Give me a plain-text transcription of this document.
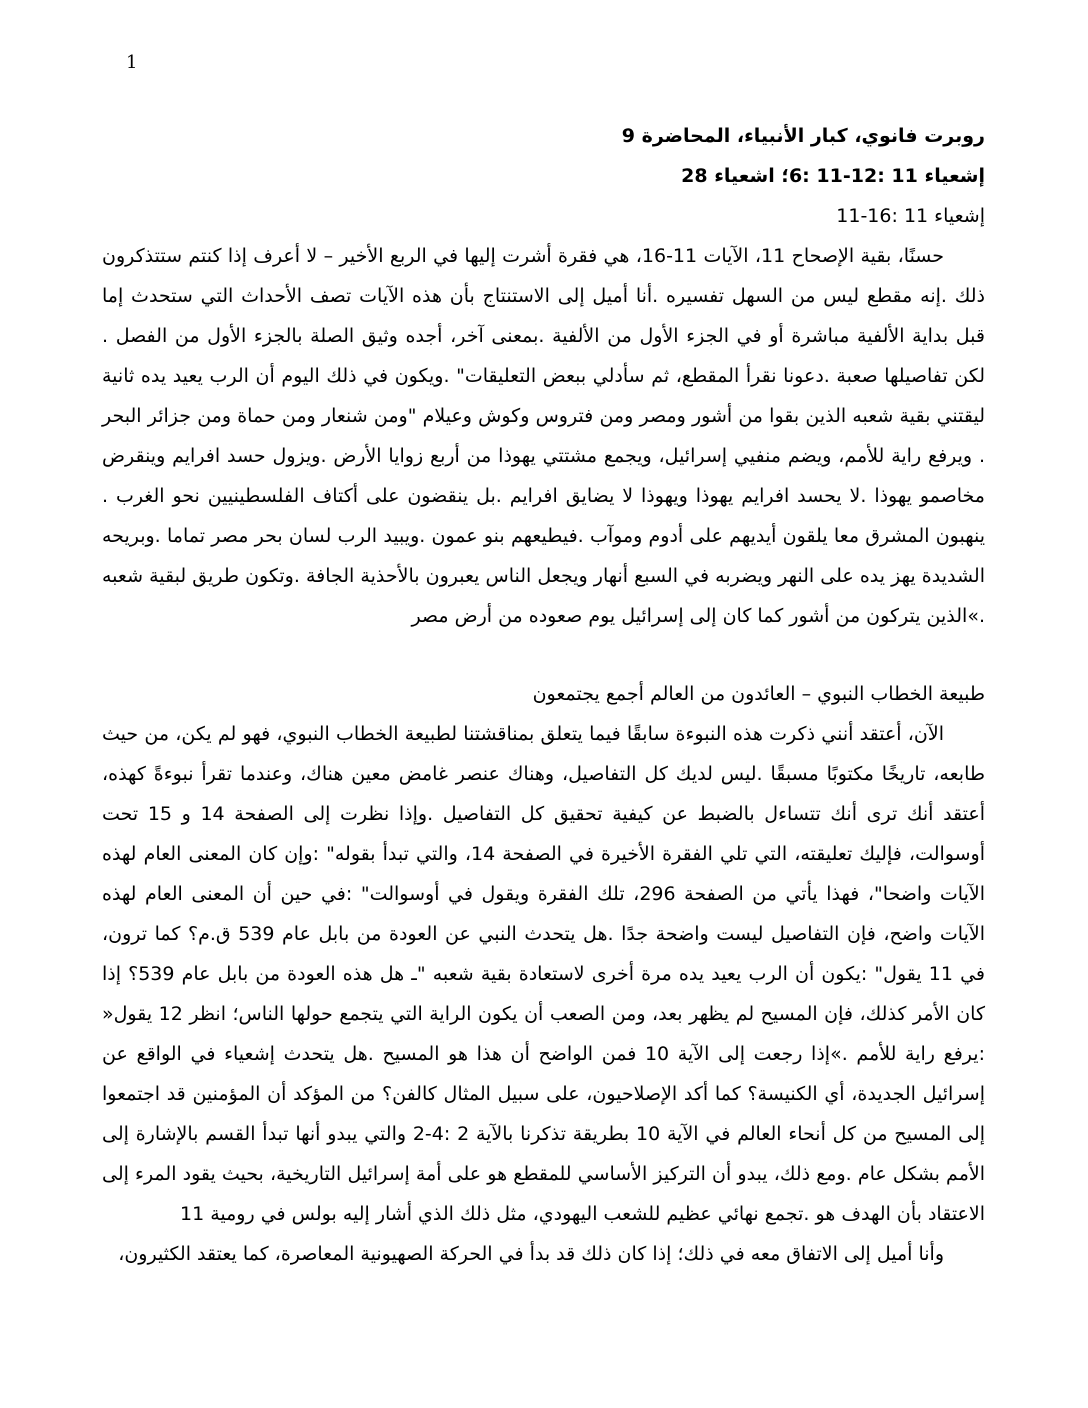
1
روبرت فانوي، كبار الأنبياء، المحاضرة 9
إشعياء 11 :12-11 :6؛ اشعياء 28
إشعياء 11 :16-11

حسنًا، بقية الإصحاح 11، الآيات 11-16، هي فقرة أشرت إليها في الربع الأخير – لا أعرف إذا كنتم ستتذكرون ذلك .إنه مقطع ليس من السهل تفسيره .أنا أميل إلى الاستنتاج بأن هذه الآيات تصف الأحداث التي ستحدث إما قبل بداية الألفية مباشرة أو في الجزء الأول من الألفية .بمعنى آخر، أجده وثيق الصلة بالجزء الأول من الفصل . لكن تفاصيلها صعبة .دعونا نقرأ المقطع، ثم سأدلي ببعض التعليقات" .ويكون في ذلك اليوم أن الرب يعيد يده ثانية ليقتني بقية شعبه الذين بقوا من أشور ومصر ومن فتروس وكوش وعيلام "ومن شنعار ومن حماة ومن جزائر البحر . ويرفع راية للأمم، ويضم منفيي إسرائيل، ويجمع مشتتي يهوذا من أربع زوايا الأرض .ويزول حسد افرايم وينقرض مخاصمو يهوذا .لا يحسد افرايم يهوذا ويهوذا لا يضايق افرايم .بل ينقضون على أكتاف الفلسطينيين نحو الغرب . ينهبون المشرق معا يلقون أيديهم على أدوم وموآب .فيطيعهم بنو عمون .ويبيد الرب لسان بحر مصر تماما .وبريحه الشديدة يهز يده على النهر ويضربه في السبع أنهار ويجعل الناس يعبرون بالأحذية الجافة .وتكون طريق لبقية شعبه .»الذين يتركون من أشور كما كان إلى إسرائيل يوم صعوده من أرض مصر

طبيعة الخطاب النبوي – العائدون من العالم أجمع يجتمعون

الآن، أعتقد أنني ذكرت هذه النبوءة سابقًا فيما يتعلق بمناقشتنا لطبيعة الخطاب النبوي، فهو لم يكن، من حيث طابعه، تاريخًا مكتوبًا مسبقًا .ليس لديك كل التفاصيل، وهناك عنصر غامض معين هناك، وعندما تقرأ نبوءةً كهذه، أعتقد أنك ترى أنك تتساءل بالضبط عن كيفية تحقيق كل التفاصيل .وإذا نظرت إلى الصفحة 14 و 15 تحت أوسوالت، فإليك تعليقته، التي تلي الفقرة الأخيرة في الصفحة 14، والتي تبدأ بقوله" :وإن كان المعنى العام لهذه الآيات واضحا"، فهذا يأتي من الصفحة 296، تلك الفقرة ويقول في أوسوالت" :في حين أن المعنى العام لهذه الآيات واضح، فإن التفاصيل ليست واضحة جدًا .هل يتحدث النبي عن العودة من بابل عام 539 ق.م؟ كما ترون، في 11 يقول" :يكون أن الرب يعيد يده مرة أخرى لاستعادة بقية شعبه "ـ هل هذه العودة من بابل عام 539؟ إذا كان الأمر كذلك، فإن المسيح لم يظهر بعد، ومن الصعب أن يكون الراية التي يتجمع حولها الناس؛ انظر 12 يقول« :يرفع راية للأمم .»إذا رجعت إلى الآية 10 فمن الواضح أن هذا هو المسيح .هل يتحدث إشعياء في الواقع عن إسرائيل الجديدة، أي الكنيسة؟ كما أكد الإصلاحيون، على سبيل المثال كالفن؟ من المؤكد أن المؤمنين قد اجتمعوا إلى المسيح من كل أنحاء العالم في الآية 10 بطريقة تذكرنا بالآية 2 :4-2 والتي يبدو أنها تبدأ القسم بالإشارة إلى الأمم بشكل عام .ومع ذلك، يبدو أن التركيز الأساسي للمقطع هو على أمة إسرائيل التاريخية، بحيث يقود المرء إلى الاعتقاد بأن الهدف هو .تجمع نهائي عظيم للشعب اليهودي، مثل ذلك الذي أشار إليه بولس في رومية 11

وأنا أميل إلى الاتفاق معه في ذلك؛ إذا كان ذلك قد بدأ في الحركة الصهيونية المعاصرة، كما يعتقد الكثيرون،
